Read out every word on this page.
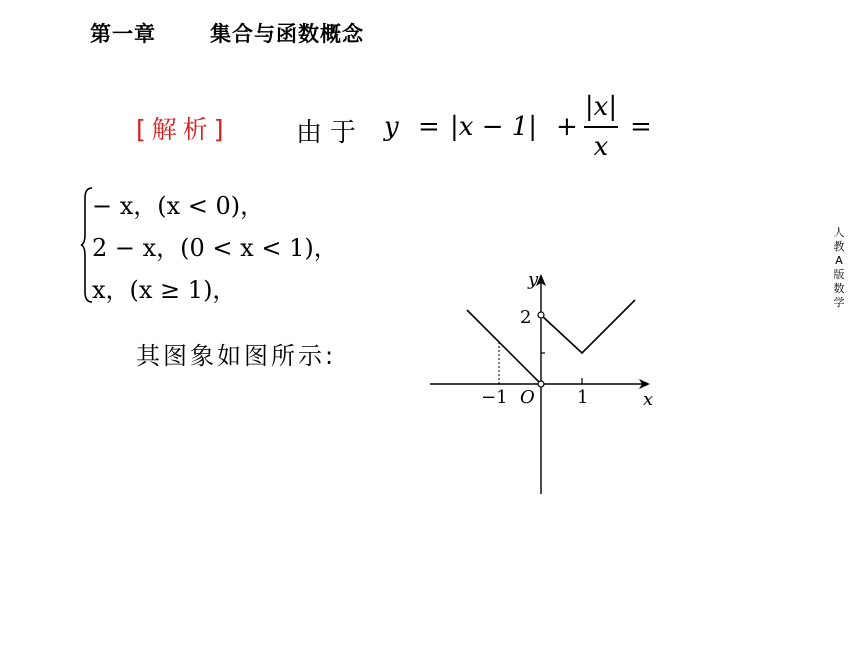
第一章	集合与函数概念
人
教
A
版
数
学
[解析]	由于 y = |x − 1| +
|x|
x
=
− x，(x < 0)，
2 − x，(0 < x < 1)，
x，(x ≥ 1)，
其图象如图所示:
y
x
2
−1 O 1
